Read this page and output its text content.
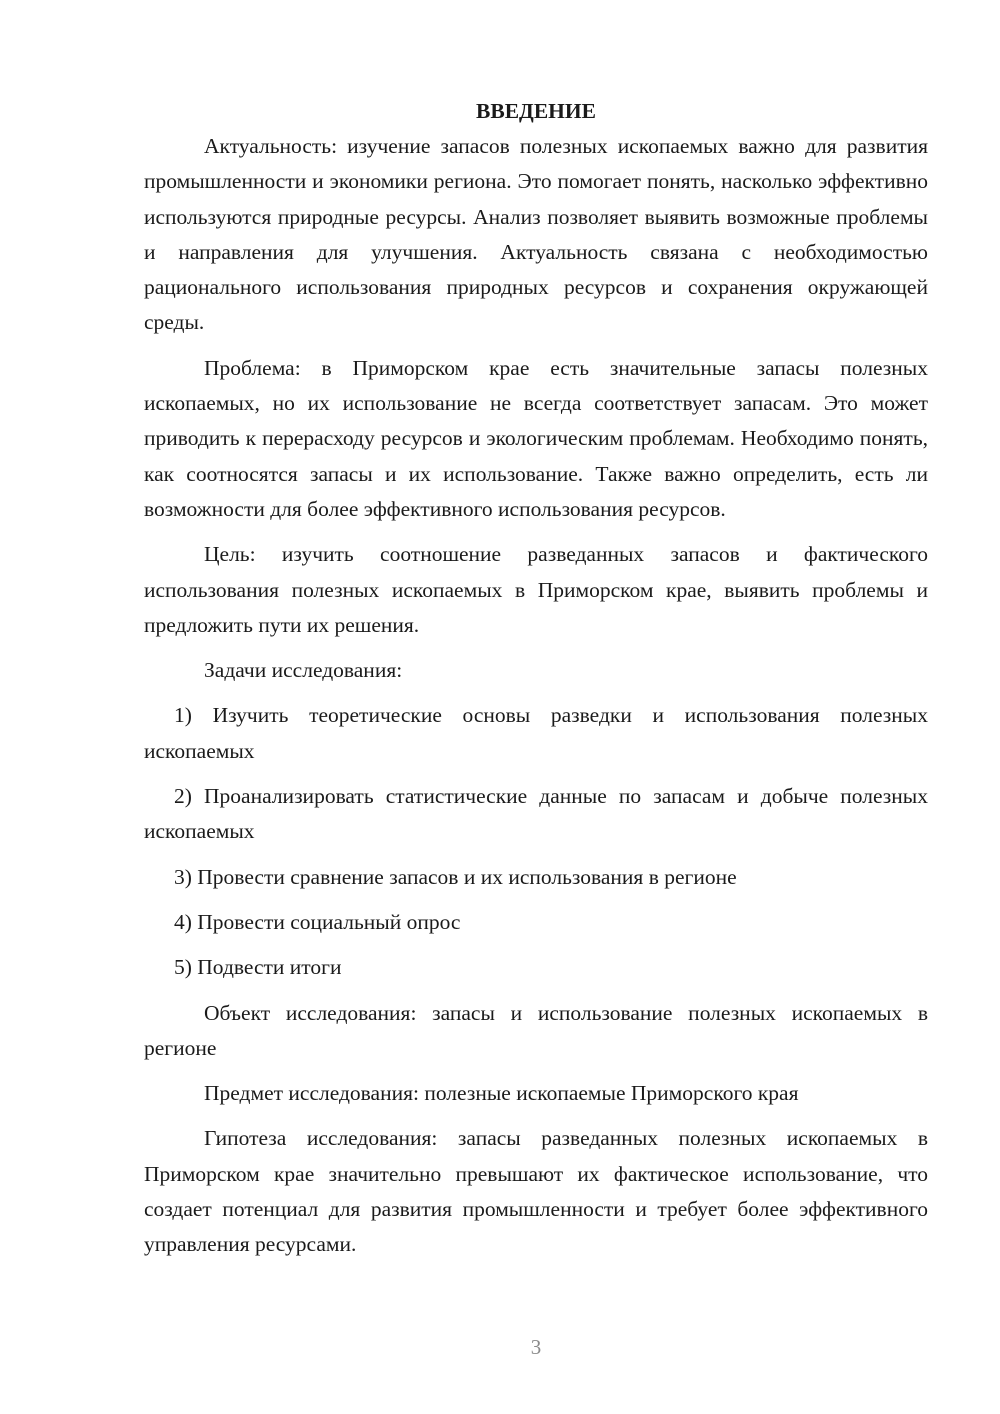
ВВЕДЕНИЕ

Актуальность: изучение запасов полезных ископаемых важно для развития промышленности и экономики региона. Это помогает понять, насколько эффективно используются природные ресурсы. Анализ позволяет выявить возможные проблемы и направления для улучшения. Актуальность связана с необходимостью рационального использования природных ресурсов и сохранения окружающей среды.

Проблема: в Приморском крае есть значительные запасы полезных ископаемых, но их использование не всегда соответствует запасам. Это может приводить к перерасходу ресурсов и экологическим проблемам. Необходимо понять, как соотносятся запасы и их использование. Также важно определить, есть ли возможности для более эффективного использования ресурсов.

Цель: изучить соотношение разведанных запасов и фактического использования полезных ископаемых в Приморском крае, выявить проблемы и предложить пути их решения.

Задачи исследования:

1) Изучить теоретические основы разведки и использования полезных ископаемых

2) Проанализировать статистические данные по запасам и добыче полезных ископаемых

3) Провести сравнение запасов и их использования в регионе

4) Провести социальный опрос

5) Подвести итоги

Объект исследования: запасы и использование полезных ископаемых в регионе

Предмет исследования: полезные ископаемые Приморского края

Гипотеза исследования: запасы разведанных полезных ископаемых в Приморском крае значительно превышают их фактическое использование, что создает потенциал для развития промышленности и требует более эффективного управления ресурсами.

3
